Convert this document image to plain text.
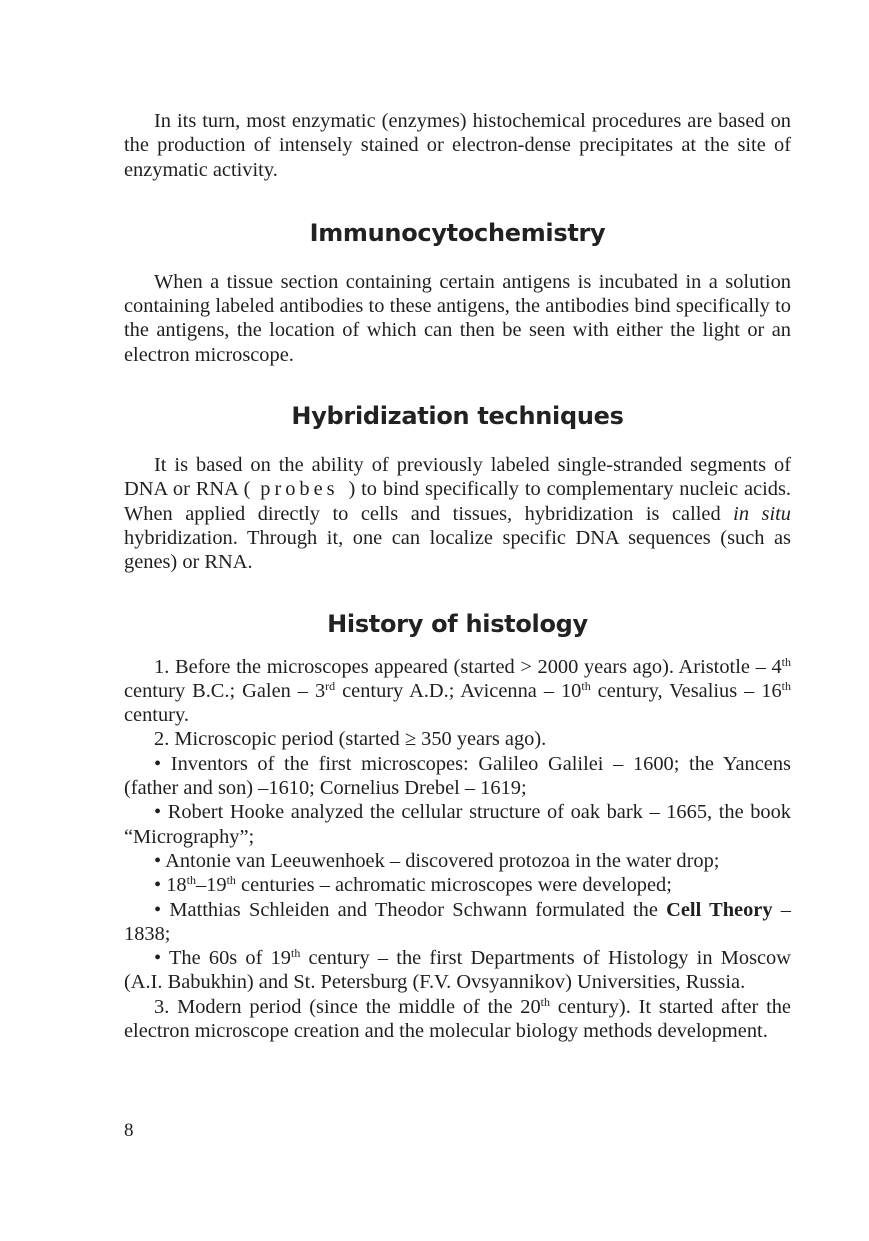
In its turn, most enzymatic (enzymes) histochemical procedures are based on the production of intensely stained or electron-dense precipitates at the site of enzymatic activity.

Immunocytochemistry

When a tissue section containing certain antigens is incubated in a solution containing labeled antibodies to these antigens, the antibodies bind specifically to the antigens, the location of which can then be seen with either the light or an electron microscope.

Hybridization techniques

It is based on the ability of previously labeled single-stranded segments of DNA or RNA ( probes ) to bind specifically to complementary nucleic acids. When applied directly to cells and tissues, hybridization is called in situ hybridization. Through it, one can localize specific DNA sequences (such as genes) or RNA.

History of histology

1. Before the microscopes appeared (started > 2000 years ago). Aristotle – 4th century B.C.; Galen – 3rd century A.D.; Avicenna – 10th century, Vesalius – 16th century.

2. Microscopic period (started ≥ 350 years ago).

• Inventors of the first microscopes: Galileo Galilei – 1600; the Yancens (father and son) –1610; Cornelius Drebel – 1619;

• Robert Hooke analyzed the cellular structure of oak bark – 1665, the book “Micrography”;

• Antonie van Leeuwenhoek – discovered protozoa in the water drop;

• 18th–19th centuries – achromatic microscopes were developed;

• Matthias Schleiden and Theodor Schwann formulated the Cell Theory – 1838;

• The 60s of 19th century – the first Departments of Histology in Moscow (A.I. Babukhin) and St. Petersburg (F.V. Ovsyannikov) Universities, Russia.

3. Modern period (since the middle of the 20th century). It started after the electron microscope creation and the molecular biology methods development.

8
